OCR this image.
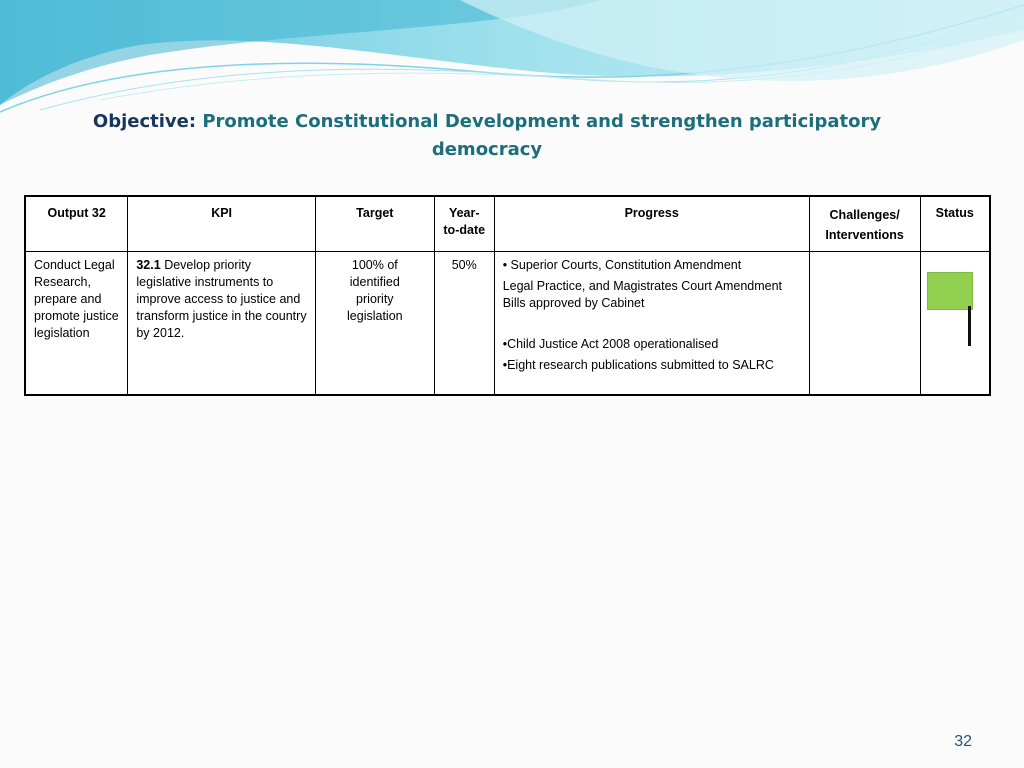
Objective: Promote Constitutional Development and strengthen participatory democracy
Output 32	KPI	Target	Year-to-date	Progress	Challenges/ Interventions	Status
Conduct Legal Research, prepare and promote justice legislation	32.1 Develop priority legislative instruments to improve access to justice and transform justice in the country by 2012.	100% of identified priority legislation	50%	• Superior Courts, Constitution Amendment

Legal Practice, and Magistrates Court Amendment Bills approved by Cabinet

•Child Justice Act 2008 operationalised

•Eight research publications submitted to SALRC		

32
